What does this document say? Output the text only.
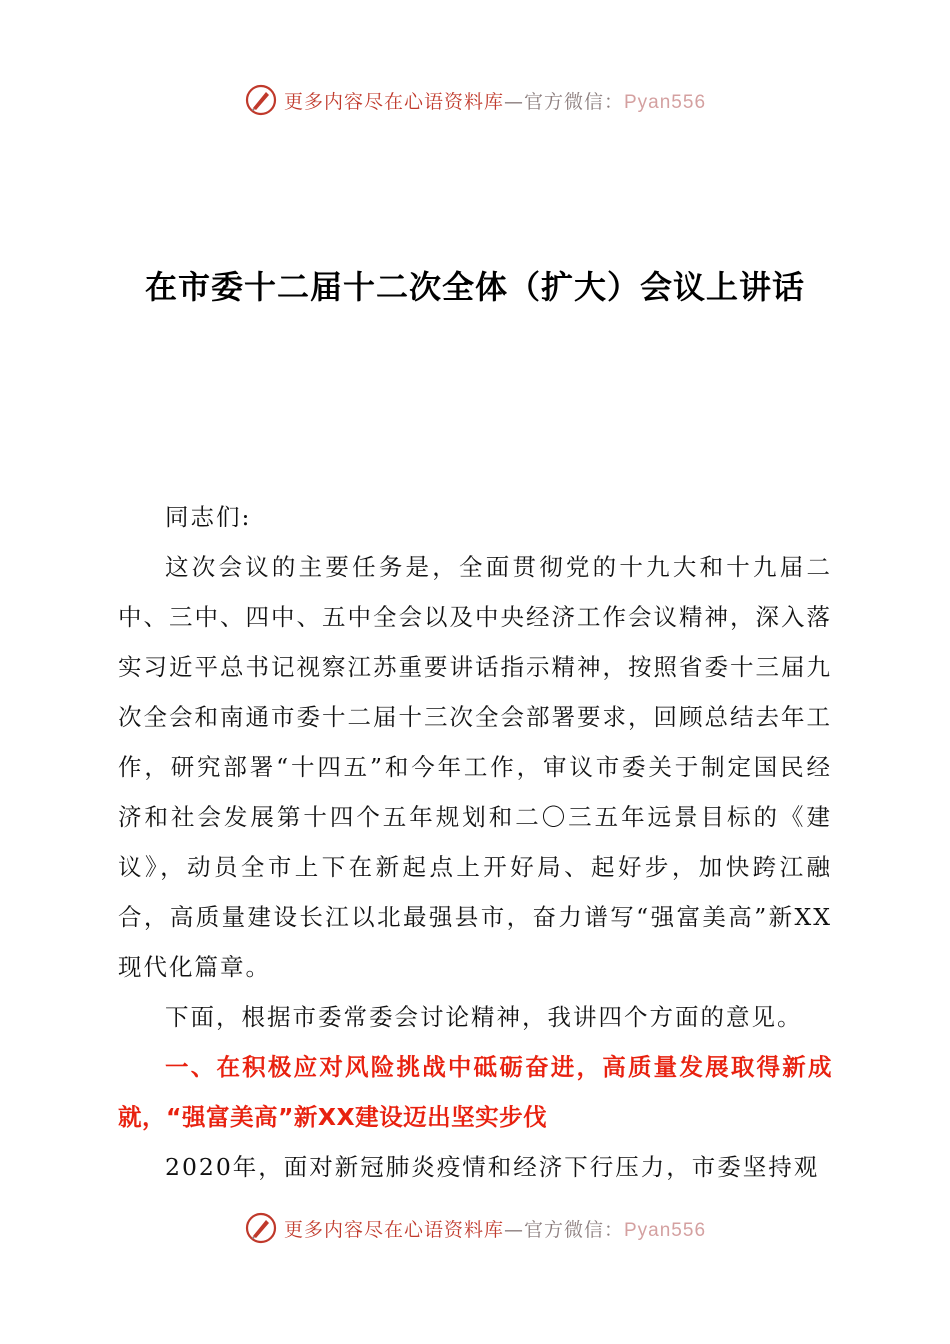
更多内容尽在心语资料库—官方微信：Pyan556
在市委十二届十二次全体（扩大）会议上讲话

同志们:

这次会议的主要任务是，全面贯彻党的十九大和十九届二中、三中、四中、五中全会以及中央经济工作会议精神，深入落实习近平总书记视察江苏重要讲话指示精神，按照省委十三届九次全会和南通市委十二届十三次全会部署要求，回顾总结去年工作，研究部署“十四五”和今年工作，审议市委关于制定国民经济和社会发展第十四个五年规划和二〇三五年远景目标的《建议》，动员全市上下在新起点上开好局、起好步，加快跨江融合，高质量建设长江以北最强县市，奋力谱写“强富美高”新XX现代化篇章。

下面，根据市委常委会讨论精神，我讲四个方面的意见。

一、在积极应对风险挑战中砥砺奋进，高质量发展取得新成就，“强富美高”新XX建设迈出坚实步伐

2020年，面对新冠肺炎疫情和经济下行压力，市委坚持观

更多内容尽在心语资料库—官方微信：Pyan556
